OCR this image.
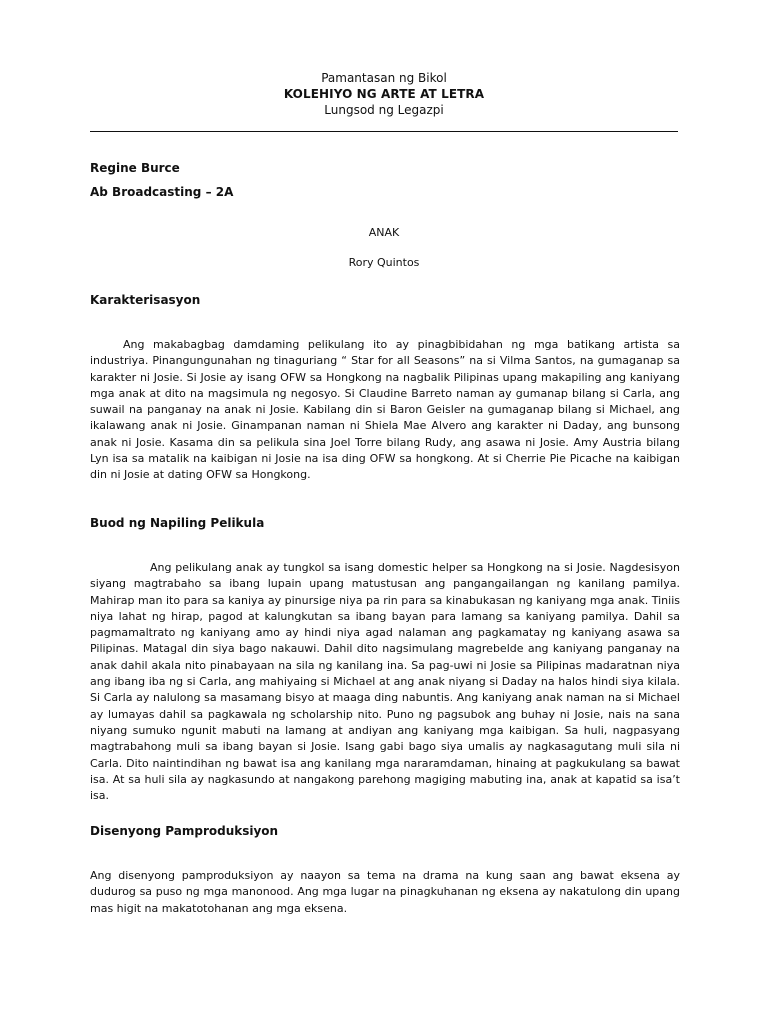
Pamantasan ng Bikol
KOLEHIYO NG ARTE AT LETRA
Lungsod ng Legazpi
Regine Burce
Ab Broadcasting – 2A
ANAK
Rory Quintos
Karakterisasyon

Ang makabagbag damdaming pelikulang ito ay pinagbibidahan ng mga batikang artista sa industriya. Pinangungunahan ng tinaguriang “ Star for all Seasons” na si Vilma Santos, na gumaganap sa karakter ni Josie. Si Josie ay isang OFW sa Hongkong na nagbalik Pilipinas upang makapiling ang kaniyang mga anak at dito na magsimula ng negosyo. Si Claudine Barreto naman ay gumanap bilang si Carla, ang suwail na panganay na anak ni Josie. Kabilang din si Baron Geisler na gumaganap bilang si Michael, ang ikalawang anak ni Josie. Ginampanan naman ni Shiela Mae Alvero ang karakter ni Daday, ang bunsong anak ni Josie. Kasama din sa pelikula sina Joel Torre bilang Rudy, ang asawa ni Josie. Amy Austria bilang Lyn isa sa matalik na kaibigan ni Josie na isa ding OFW sa hongkong. At si Cherrie Pie Picache na kaibigan din ni Josie at dating OFW sa Hongkong.

Buod ng Napiling Pelikula

Ang pelikulang anak ay tungkol sa isang domestic helper sa Hongkong na si Josie. Nagdesisyon siyang magtrabaho sa ibang lupain upang matustusan ang pangangailangan ng kanilang pamilya. Mahirap man ito para sa kaniya ay pinursige niya pa rin para sa kinabukasan ng kaniyang mga anak. Tiniis niya lahat ng hirap, pagod at kalungkutan sa ibang bayan para lamang sa kaniyang pamilya. Dahil sa pagmamaltrato ng kaniyang amo ay hindi niya agad nalaman ang pagkamatay ng kaniyang asawa sa Pilipinas. Matagal din siya bago nakauwi. Dahil dito nagsimulang magrebelde ang kaniyang panganay na anak dahil akala nito pinabayaan na sila ng kanilang ina. Sa pag-uwi ni Josie sa Pilipinas madaratnan niya ang ibang iba ng si Carla, ang mahiyaing si Michael at ang anak niyang si Daday na halos hindi siya kilala. Si Carla ay nalulong sa masamang bisyo at maaga ding nabuntis. Ang kaniyang anak naman na si Michael ay lumayas dahil sa pagkawala ng scholarship nito. Puno ng pagsubok ang buhay ni Josie, nais na sana niyang sumuko ngunit mabuti na lamang at andiyan ang kaniyang mga kaibigan. Sa huli, nagpasyang magtrabahong muli sa ibang bayan si Josie. Isang gabi bago siya umalis ay nagkasagutang muli sila ni Carla. Dito naintindihan ng bawat isa ang kanilang mga nararamdaman, hinaing at pagkukulang sa bawat isa. At sa huli sila ay nagkasundo at nangakong parehong magiging mabuting ina, anak at kapatid sa isa’t isa.

Disenyong Pamproduksiyon

Ang disenyong pamproduksiyon ay naayon sa tema na drama na kung saan ang bawat eksena ay dudurog sa puso ng mga manonood. Ang mga lugar na pinagkuhanan ng eksena ay nakatulong din upang mas higit na makatotohanan ang mga eksena.
